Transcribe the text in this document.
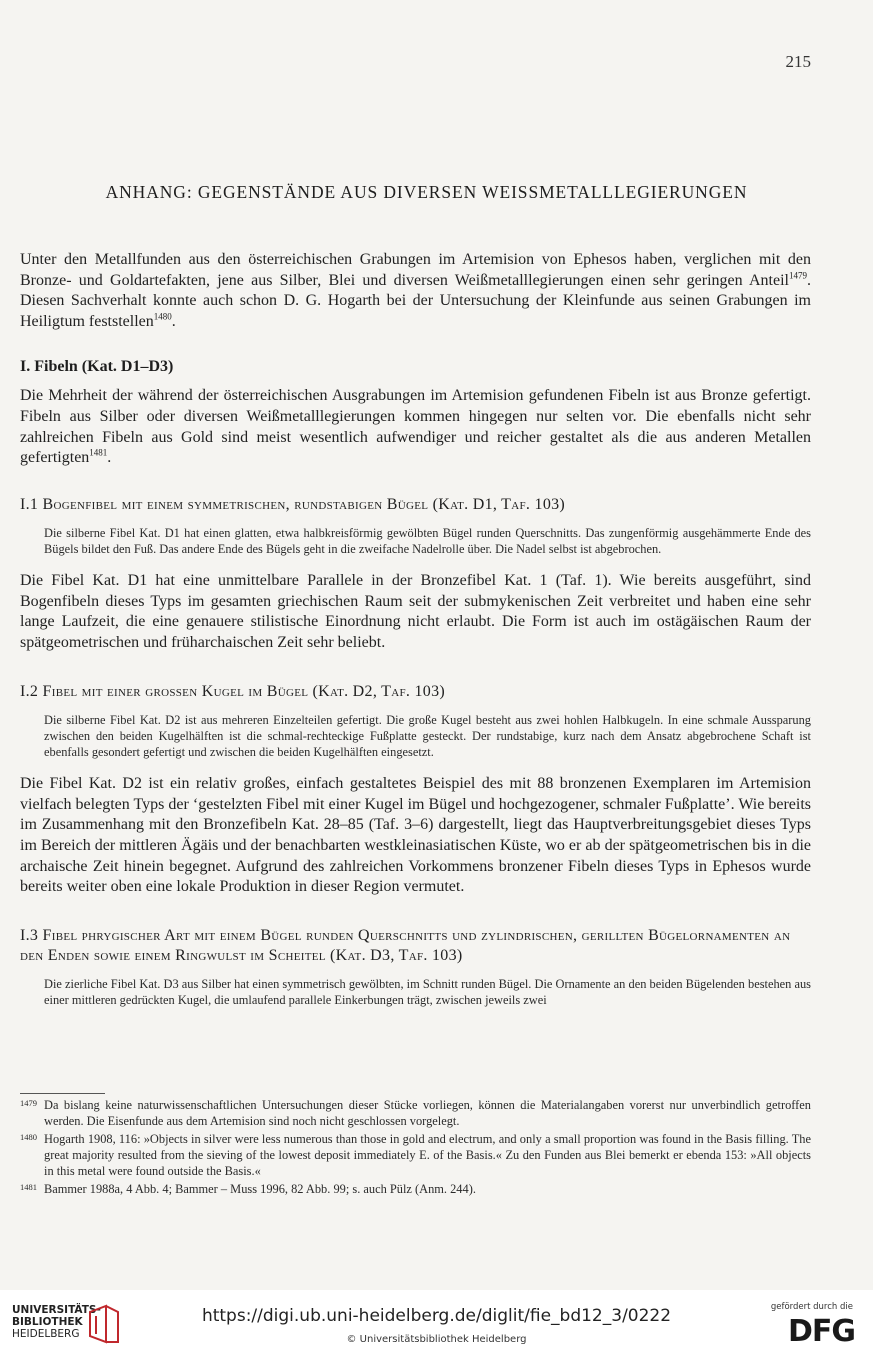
215
ANHANG: GEGENSTÄNDE AUS DIVERSEN WEISSMETALLLEGIERUNGEN

Unter den Metallfunden aus den österreichischen Grabungen im Artemision von Ephesos haben, verglichen mit den Bronze- und Goldartefakten, jene aus Silber, Blei und diversen Weißmetalllegierungen einen sehr geringen Anteil$^{1479}$. Diesen Sachverhalt konnte auch schon D. G. Hogarth bei der Untersuchung der Kleinfunde aus seinen Grabungen im Heiligtum feststellen$^{1480}$.

I. Fibeln (Kat. D1–D3)

Die Mehrheit der während der österreichischen Ausgrabungen im Artemision gefundenen Fibeln ist aus Bronze gefertigt. Fibeln aus Silber oder diversen Weißmetalllegierungen kommen hingegen nur selten vor. Die ebenfalls nicht sehr zahlreichen Fibeln aus Gold sind meist wesentlich aufwendiger und reicher gestaltet als die aus anderen Metallen gefertigten$^{1481}$.

I.1 Bogenfibel mit einem symmetrischen, rundstabigen Bügel (Kat. D1, Taf. 103)

Die silberne Fibel Kat. D1 hat einen glatten, etwa halbkreisförmig gewölbten Bügel runden Querschnitts. Das zungenförmig ausgehämmerte Ende des Bügels bildet den Fuß. Das andere Ende des Bügels geht in die zweifache Nadelrolle über. Die Nadel selbst ist abgebrochen.

Die Fibel Kat. D1 hat eine unmittelbare Parallele in der Bronzefibel Kat. 1 (Taf. 1). Wie bereits ausgeführt, sind Bogenfibeln dieses Typs im gesamten griechischen Raum seit der submykenischen Zeit verbreitet und haben eine sehr lange Laufzeit, die eine genauere stilistische Einordnung nicht erlaubt. Die Form ist auch im ostägäischen Raum der spätgeometrischen und früharchaischen Zeit sehr beliebt.

I.2 Fibel mit einer grossen Kugel im Bügel (Kat. D2, Taf. 103)

Die silberne Fibel Kat. D2 ist aus mehreren Einzelteilen gefertigt. Die große Kugel besteht aus zwei hohlen Halbkugeln. In eine schmale Aussparung zwischen den beiden Kugelhälften ist die schmal-rechteckige Fußplatte gesteckt. Der rundstabige, kurz nach dem Ansatz abgebrochene Schaft ist ebenfalls gesondert gefertigt und zwischen die beiden Kugelhälften eingesetzt.

Die Fibel Kat. D2 ist ein relativ großes, einfach gestaltetes Beispiel des mit 88 bronzenen Exemplaren im Artemision vielfach belegten Typs der ‘gestelzten Fibel mit einer Kugel im Bügel und hochgezogener, schmaler Fußplatte’. Wie bereits im Zusammenhang mit den Bronzefibeln Kat. 28–85 (Taf. 3–6) dargestellt, liegt das Hauptverbreitungsgebiet dieses Typs im Bereich der mittleren Ägäis und der benachbarten westkleinasiatischen Küste, wo er ab der spätgeometrischen bis in die archaische Zeit hinein begegnet. Aufgrund des zahlreichen Vorkommens bronzener Fibeln dieses Typs in Ephesos wurde bereits weiter oben eine lokale Produktion in dieser Region vermutet.

I.3 Fibel phrygischer Art mit einem Bügel runden Querschnitts und zylindrischen, gerillten Bügelornamenten an den Enden sowie einem Ringwulst im Scheitel (Kat. D3, Taf. 103)

Die zierliche Fibel Kat. D3 aus Silber hat einen symmetrisch gewölbten, im Schnitt runden Bügel. Die Ornamente an den beiden Bügelenden bestehen aus einer mittleren gedrückten Kugel, die umlaufend parallele Einkerbungen trägt, zwischen jeweils zwei

1479 Da bislang keine naturwissenschaftlichen Untersuchungen dieser Stücke vorliegen, können die Materialangaben vorerst nur unverbindlich getroffen werden. Die Eisenfunde aus dem Artemision sind noch nicht geschlossen vorgelegt.
1480 Hogarth 1908, 116: »Objects in silver were less numerous than those in gold and electrum, and only a small proportion was found in the Basis filling. The great majority resulted from the sieving of the lowest deposit immediately E. of the Basis.« Zu den Funden aus Blei bemerkt er ebenda 153: »All objects in this metal were found outside the Basis.«
1481 Bammer 1988a, 4 Abb. 4; Bammer – Muss 1996, 82 Abb. 99; s. auch Pülz (Anm. 244).
UNIVERSITÄTS-
BIBLIOTHEK
HEIDELBERG
https://digi.ub.uni-heidelberg.de/diglit/fie_bd12_3/0222
© Universitätsbibliothek Heidelberg
gefördert durch die
DFG
